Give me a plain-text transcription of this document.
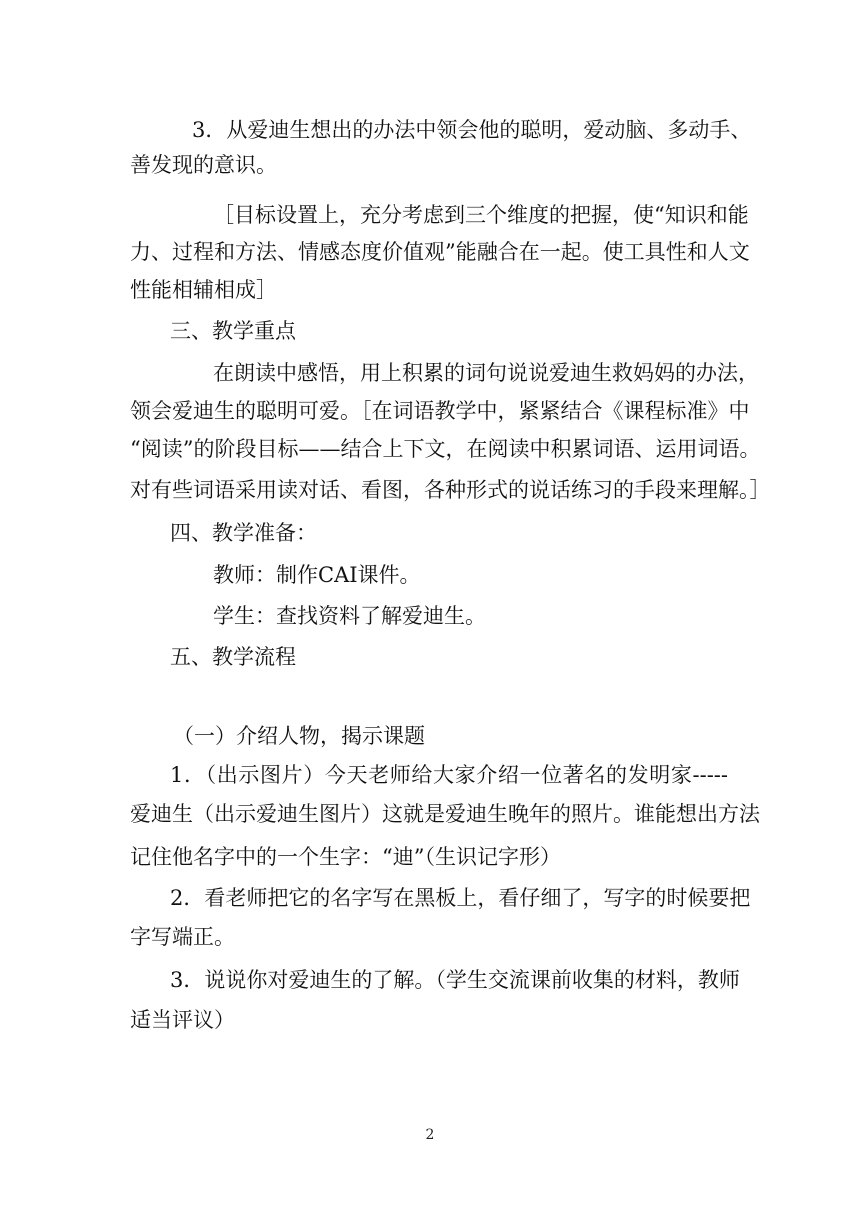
3．从爱迪生想出的办法中领会他的聪明，爱动脑、多动手、
善发现的意识。
［目标设置上，充分考虑到三个维度的把握，使“知识和能
力、过程和方法、情感态度价值观”能融合在一起。使工具性和人文
性能相辅相成］
三、教学重点
在朗读中感悟，用上积累的词句说说爱迪生救妈妈的办法，
领会爱迪生的聪明可爱。［在词语教学中，紧紧结合《课程标准》中
“阅读”的阶段目标——结合上下文，在阅读中积累词语、运用词语。
对有些词语采用读对话、看图，各种形式的说话练习的手段来理解。］
四、教学准备：
教师：制作CAI课件。
学生：查找资料了解爱迪生。
五、教学流程
（一）介绍人物，揭示课题
1．（出示图片）今天老师给大家介绍一位著名的发明家-----
爱迪生（出示爱迪生图片）这就是爱迪生晚年的照片。谁能想出方法
记住他名字中的一个生字：“迪”（生识记字形）
2．看老师把它的名字写在黑板上，看仔细了，写字的时候要把
字写端正。
3．说说你对爱迪生的了解。（学生交流课前收集的材料，教师
适当评议）
2
